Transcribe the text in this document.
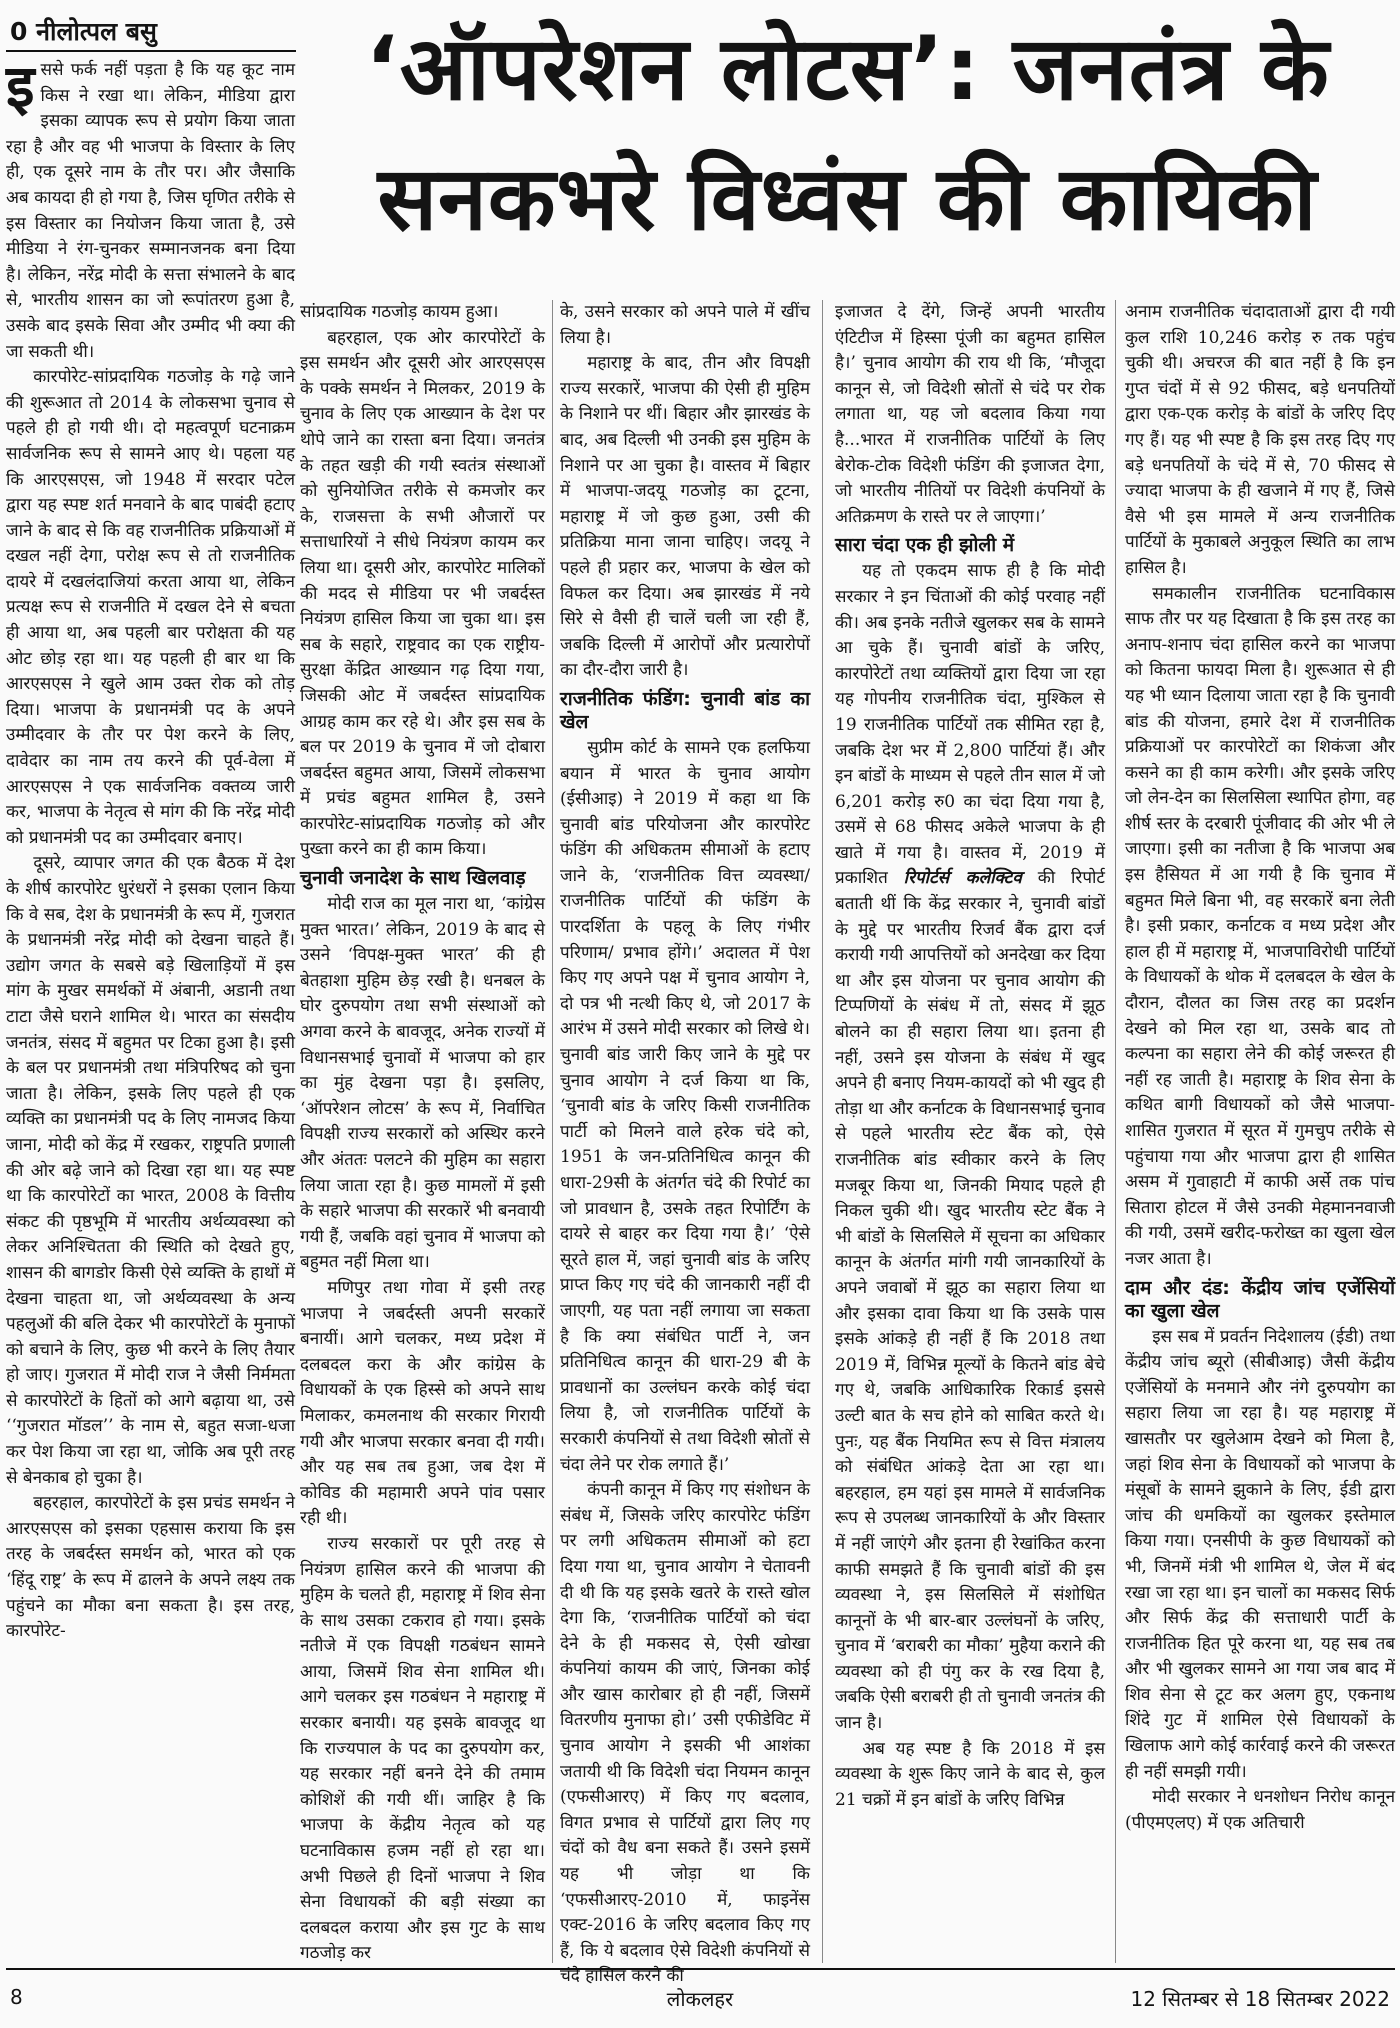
0 नीलोत्पल बसु	‘ऑपरेशन लोटस’: जनतंत्र के सनकभरे विध्वंस की कायिकी

इससे फर्क नहीं पड़ता है कि यह कूट नाम किस ने रखा था। लेकिन, मीडिया द्वारा इसका व्यापक रूप से प्रयोग किया जाता रहा है और वह भी भाजपा के विस्तार के लिए ही, एक दूसरे नाम के तौर पर। और जैसाकि अब कायदा ही हो गया है, जिस घृणित तरीके से इस विस्तार का नियोजन किया जाता है, उसे मीडिया ने रंग-चुनकर सम्मानजनक बना दिया है। लेकिन, नरेंद्र मोदी के सत्ता संभालने के बाद से, भारतीय शासन का जो रूपांतरण हुआ है, उसके बाद इसके सिवा और उम्मीद भी क्या की जा सकती थी।

कारपोरेट-सांप्रदायिक गठजोड़ के गढ़े जाने की शुरूआत तो 2014 के लोकसभा चुनाव से पहले ही हो गयी थी। दो महत्वपूर्ण घटनाक्रम सार्वजनिक रूप से सामने आए थे। पहला यह कि आरएसएस, जो 1948 में सरदार पटेल द्वारा यह स्पष्ट शर्त मनवाने के बाद पाबंदी हटाए जाने के बाद से कि वह राजनीतिक प्रक्रियाओं में दखल नहीं देगा, परोक्ष रूप से तो राजनीतिक दायरे में दखलंदाजियां करता आया था, लेकिन प्रत्यक्ष रूप से राजनीति में दखल देने से बचता ही आया था, अब पहली बार परोक्षता की यह ओट छोड़ रहा था। यह पहली ही बार था कि आरएसएस ने खुले आम उक्त रोक को तोड़ दिया। भाजपा के प्रधानमंत्री पद के अपने उम्मीदवार के तौर पर पेश करने के लिए, दावेदार का नाम तय करने की पूर्व-वेला में आरएसएस ने एक सार्वजनिक वक्तव्य जारी कर, भाजपा के नेतृत्व से मांग की कि नरेंद्र मोदी को प्रधानमंत्री पद का उम्मीदवार बनाए।

दूसरे, व्यापार जगत की एक बैठक में देश के शीर्ष कारपोरेट धुरंधरों ने इसका एलान किया कि वे सब, देश के प्रधानमंत्री के रूप में, गुजरात के प्रधानमंत्री नरेंद्र मोदी को देखना चाहते हैं। उद्योग जगत के सबसे बड़े खिलाड़ियों में इस मांग के मुखर समर्थकों में अंबानी, अडानी तथा टाटा जैसे घराने शामिल थे। भारत का संसदीय जनतंत्र, संसद में बहुमत पर टिका हुआ है। इसी के बल पर प्रधानमंत्री तथा मंत्रिपरिषद को चुना जाता है। लेकिन, इसके लिए पहले ही एक व्यक्ति का प्रधानमंत्री पद के लिए नामजद किया जाना, मोदी को केंद्र में रखकर, राष्ट्रपति प्रणाली की ओर बढ़े जाने को दिखा रहा था। यह स्पष्ट था कि कारपोरेटों का भारत, 2008 के वित्तीय संकट की पृष्ठभूमि में भारतीय अर्थव्यवस्था को लेकर अनिश्चितता की स्थिति को देखते हुए, शासन की बागडोर किसी ऐसे व्यक्ति के हाथों में देखना चाहता था, जो अर्थव्यवस्था के अन्य पहलुओं की बलि देकर भी कारपोरेटों के मुनाफों को बचाने के लिए, कुछ भी करने के लिए तैयार हो जाए। गुजरात में मोदी राज ने जैसी निर्ममता से कारपोरेटों के हितों को आगे बढ़ाया था, उसे ‘‘गुजरात मॉडल’’ के नाम से, बहुत सजा-धजा कर पेश किया जा रहा था, जोकि अब पूरी तरह से बेनकाब हो चुका है।

बहरहाल, कारपोरेटों के इस प्रचंड समर्थन ने आरएसएस को इसका एहसास कराया कि इस तरह के जबर्दस्त समर्थन को, भारत को एक ‘हिंदू राष्ट्र’ के रूप में ढालने के अपने लक्ष्य तक पहुंचने का मौका बना सकता है। इस तरह, कारपोरेट-

सांप्रदायिक गठजोड़ कायम हुआ।

बहरहाल, एक ओर कारपोरेटों के इस समर्थन और दूसरी ओर आरएसएस के पक्के समर्थन ने मिलकर, 2019 के चुनाव के लिए एक आख्यान के देश पर थोपे जाने का रास्ता बना दिया। जनतंत्र के तहत खड़ी की गयी स्वतंत्र संस्थाओं को सुनियोजित तरीके से कमजोर कर के, राजसत्ता के सभी औजारों पर सत्ताधारियों ने सीधे नियंत्रण कायम कर लिया था। दूसरी ओर, कारपोरेट मालिकों की मदद से मीडिया पर भी जबर्दस्त नियंत्रण हासिल किया जा चुका था। इस सब के सहारे, राष्ट्रवाद का एक राष्ट्रीय-सुरक्षा केंद्रित आख्यान गढ़ दिया गया, जिसकी ओट में जबर्दस्त सांप्रदायिक आग्रह काम कर रहे थे। और इस सब के बल पर 2019 के चुनाव में जो दोबारा जबर्दस्त बहुमत आया, जिसमें लोकसभा में प्रचंड बहुमत शामिल है, उसने कारपोरेट-सांप्रदायिक गठजोड़ को और पुख्ता करने का ही काम किया।

चुनावी जनादेश के साथ खिलवाड़

मोदी राज का मूल नारा था, ‘कांग्रेस मुक्त भारत।’ लेकिन, 2019 के बाद से उसने ‘विपक्ष-मुक्त भारत’ की ही बेतहाशा मुहिम छेड़ रखी है। धनबल के घोर दुरुपयोग तथा सभी संस्थाओं को अगवा करने के बावजूद, अनेक राज्यों में विधानसभाई चुनावों में भाजपा को हार का मुंह देखना पड़ा है। इसलिए, ‘ऑपरेशन लोटस’ के रूप में, निर्वाचित विपक्षी राज्य सरकारों को अस्थिर करने और अंततः पलटने की मुहिम का सहारा लिया जाता रहा है। कुछ मामलों में इसी के सहारे भाजपा की सरकारें भी बनवायी गयी हैं, जबकि वहां चुनाव में भाजपा को बहुमत नहीं मिला था।

मणिपुर तथा गोवा में इसी तरह भाजपा ने जबर्दस्ती अपनी सरकारें बनायीं। आगे चलकर, मध्य प्रदेश में दलबदल करा के और कांग्रेस के विधायकों के एक हिस्से को अपने साथ मिलाकर, कमलनाथ की सरकार गिरायी गयी और भाजपा सरकार बनवा दी गयी। और यह सब तब हुआ, जब देश में कोविड की महामारी अपने पांव पसार रही थी।

राज्य सरकारों पर पूरी तरह से नियंत्रण हासिल करने की भाजपा की मुहिम के चलते ही, महाराष्ट्र में शिव सेना के साथ उसका टकराव हो गया। इसके नतीजे में एक विपक्षी गठबंधन सामने आया, जिसमें शिव सेना शामिल थी। आगे चलकर इस गठबंधन ने महाराष्ट्र में सरकार बनायी। यह इसके बावजूद था कि राज्यपाल के पद का दुरुपयोग कर, यह सरकार नहीं बनने देने की तमाम कोशिशें की गयी थीं। जाहिर है कि भाजपा के केंद्रीय नेतृत्व को यह घटनाविकास हजम नहीं हो रहा था। अभी पिछले ही दिनों भाजपा ने शिव सेना विधायकों की बड़ी संख्या का दलबदल कराया और इस गुट के साथ गठजोड़ कर

के, उसने सरकार को अपने पाले में खींच लिया है।

महाराष्ट्र के बाद, तीन और विपक्षी राज्य सरकारें, भाजपा की ऐसी ही मुहिम के निशाने पर थीं। बिहार और झारखंड के बाद, अब दिल्ली भी उनकी इस मुहिम के निशाने पर आ चुका है। वास्तव में बिहार में भाजपा-जदयू गठजोड़ का टूटना, महाराष्ट्र में जो कुछ हुआ, उसी की प्रतिक्रिया माना जाना चाहिए। जदयू ने पहले ही प्रहार कर, भाजपा के खेल को विफल कर दिया। अब झारखंड में नये सिरे से वैसी ही चालें चली जा रही हैं, जबकि दिल्ली में आरोपों और प्रत्यारोपों का दौर-दौरा जारी है।

राजनीतिक फंडिंग: चुनावी बांड का खेल

सुप्रीम कोर्ट के सामने एक हलफिया बयान में भारत के चुनाव आयोग (ईसीआइ) ने 2019 में कहा था कि चुनावी बांड परियोजना और कारपोरेट फंडिंग की अधिकतम सीमाओं के हटाए जाने के, ‘राजनीतिक वित्त व्यवस्था/ राजनीतिक पार्टियों की फंडिंग के पारदर्शिता के पहलू के लिए गंभीर परिणाम/ प्रभाव होंगे।’ अदालत में पेश किए गए अपने पक्ष में चुनाव आयोग ने, दो पत्र भी नत्थी किए थे, जो 2017 के आरंभ में उसने मोदी सरकार को लिखे थे। चुनावी बांड जारी किए जाने के मुद्दे पर चुनाव आयोग ने दर्ज किया था कि, ‘चुनावी बांड के जरिए किसी राजनीतिक पार्टी को मिलने वाले हरेक चंदे को, 1951 के जन-प्रतिनिधित्व कानून की धारा-29सी के अंतर्गत चंदे की रिपोर्ट का जो प्रावधान है, उसके तहत रिपोर्टिंग के दायरे से बाहर कर दिया गया है।’ ‘ऐसे सूरते हाल में, जहां चुनावी बांड के जरिए प्राप्त किए गए चंदे की जानकारी नहीं दी जाएगी, यह पता नहीं लगाया जा सकता है कि क्या संबंधित पार्टी ने, जन प्रतिनिधित्व कानून की धारा-29 बी के प्रावधानों का उल्लंघन करके कोई चंदा लिया है, जो राजनीतिक पार्टियों के सरकारी कंपनियों से तथा विदेशी स्रोतों से चंदा लेने पर रोक लगाते हैं।’

कंपनी कानून में किए गए संशोधन के संबंध में, जिसके जरिए कारपोरेट फंडिंग पर लगी अधिकतम सीमाओं को हटा दिया गया था, चुनाव आयोग ने चेतावनी दी थी कि यह इसके खतरे के रास्ते खोल देगा कि, ‘राजनीतिक पार्टियों को चंदा देने के ही मकसद से, ऐसी खोखा कंपनियां कायम की जाएं, जिनका कोई और खास कारोबार हो ही नहीं, जिसमें वितरणीय मुनाफा हो।’ उसी एफीडेविट में चुनाव आयोग ने इसकी भी आशंका जतायी थी कि विदेशी चंदा नियमन कानून (एफसीआरए) में किए गए बदलाव, विगत प्रभाव से पार्टियों द्वारा लिए गए चंदों को वैध बना सकते हैं। उसने इसमें यह भी जोड़ा था कि ‘एफसीआरए-2010 में, फाइनेंस एक्ट-2016 के जरिए बदलाव किए गए हैं, कि ये बदलाव ऐसे विदेशी कंपनियों से चंदे हासिल करने की

इजाजत दे देंगे, जिन्हें अपनी भारतीय एंटिटीज में हिस्सा पूंजी का बहुमत हासिल है।’ चुनाव आयोग की राय थी कि, ‘मौजूदा कानून से, जो विदेशी स्रोतों से चंदे पर रोक लगाता था, यह जो बदलाव किया गया है...भारत में राजनीतिक पार्टियों के लिए बेरोक-टोक विदेशी फंडिंग की इजाजत देगा, जो भारतीय नीतियों पर विदेशी कंपनियों के अतिक्रमण के रास्ते पर ले जाएगा।’

सारा चंदा एक ही झोली में

यह तो एकदम साफ ही है कि मोदी सरकार ने इन चिंताओं की कोई परवाह नहीं की। अब इनके नतीजे खुलकर सब के सामने आ चुके हैं। चुनावी बांडों के जरिए, कारपोरेटों तथा व्यक्तियों द्वारा दिया जा रहा यह गोपनीय राजनीतिक चंदा, मुश्किल से 19 राजनीतिक पार्टियों तक सीमित रहा है, जबकि देश भर में 2,800 पार्टियां हैं। और इन बांडों के माध्यम से पहले तीन साल में जो 6,201 करोड़ रु0 का चंदा दिया गया है, उसमें से 68 फीसद अकेले भाजपा के ही खाते में गया है। वास्तव में, 2019 में प्रकाशित रिपोर्टर्स कलेक्टिव की रिपोर्ट बताती थीं कि केंद्र सरकार ने, चुनावी बांडों के मुद्दे पर भारतीय रिजर्व बैंक द्वारा दर्ज करायी गयी आपत्तियों को अनदेखा कर दिया था और इस योजना पर चुनाव आयोग की टिप्पणियों के संबंध में तो, संसद में झूठ बोलने का ही सहारा लिया था। इतना ही नहीं, उसने इस योजना के संबंध में खुद अपने ही बनाए नियम-कायदों को भी खुद ही तोड़ा था और कर्नाटक के विधानसभाई चुनाव से पहले भारतीय स्टेट बैंक को, ऐसे राजनीतिक बांड स्वीकार करने के लिए मजबूर किया था, जिनकी मियाद पहले ही निकल चुकी थी। खुद भारतीय स्टेट बैंक ने भी बांडों के सिलसिले में सूचना का अधिकार कानून के अंतर्गत मांगी गयी जानकारियों के अपने जवाबों में झूठ का सहारा लिया था और इसका दावा किया था कि उसके पास इसके आंकड़े ही नहीं हैं कि 2018 तथा 2019 में, विभिन्न मूल्यों के कितने बांड बेचे गए थे, जबकि आधिकारिक रिकार्ड इससे उल्टी बात के सच होने को साबित करते थे। पुनः, यह बैंक नियमित रूप से वित्त मंत्रालय को संबंधित आंकड़े देता आ रहा था। बहरहाल, हम यहां इस मामले में सार्वजनिक रूप से उपलब्ध जानकारियों के और विस्तार में नहीं जाएंगे और इतना ही रेखांकित करना काफी समझते हैं कि चुनावी बांडों की इस व्यवस्था ने, इस सिलसिले में संशोधित कानूनों के भी बार-बार उल्लंघनों के जरिए, चुनाव में ‘बराबरी का मौका’ मुहैया कराने की व्यवस्था को ही पंगु कर के रख दिया है, जबकि ऐसी बराबरी ही तो चुनावी जनतंत्र की जान है।

अब यह स्पष्ट है कि 2018 में इस व्यवस्था के शुरू किए जाने के बाद से, कुल 21 चक्रों में इन बांडों के जरिए विभिन्न

अनाम राजनीतिक चंदादाताओं द्वारा दी गयी कुल राशि 10,246 करोड़ रु तक पहुंच चुकी थी। अचरज की बात नहीं है कि इन गुप्त चंदों में से 92 फीसद, बड़े धनपतियों द्वारा एक-एक करोड़ के बांडों के जरिए दिए गए हैं। यह भी स्पष्ट है कि इस तरह दिए गए बड़े धनपतियों के चंदे में से, 70 फीसद से ज्यादा भाजपा के ही खजाने में गए हैं, जिसे वैसे भी इस मामले में अन्य राजनीतिक पार्टियों के मुकाबले अनुकूल स्थिति का लाभ हासिल है।

समकालीन राजनीतिक घटनाविकास साफ तौर पर यह दिखाता है कि इस तरह का अनाप-शनाप चंदा हासिल करने का भाजपा को कितना फायदा मिला है। शुरूआत से ही यह भी ध्यान दिलाया जाता रहा है कि चुनावी बांड की योजना, हमारे देश में राजनीतिक प्रक्रियाओं पर कारपोरेटों का शिकंजा और कसने का ही काम करेगी। और इसके जरिए जो लेन-देन का सिलसिला स्थापित होगा, वह शीर्ष स्तर के दरबारी पूंजीवाद की ओर भी ले जाएगा। इसी का नतीजा है कि भाजपा अब इस हैसियत में आ गयी है कि चुनाव में बहुमत मिले बिना भी, वह सरकारें बना लेती है। इसी प्रकार, कर्नाटक व मध्य प्रदेश और हाल ही में महाराष्ट्र में, भाजपाविरोधी पार्टियों के विधायकों के थोक में दलबदल के खेल के दौरान, दौलत का जिस तरह का प्रदर्शन देखने को मिल रहा था, उसके बाद तो कल्पना का सहारा लेने की कोई जरूरत ही नहीं रह जाती है। महाराष्ट्र के शिव सेना के कथित बागी विधायकों को जैसे भाजपा-शासित गुजरात में सूरत में गुमचुप तरीके से पहुंचाया गया और भाजपा द्वारा ही शासित असम में गुवाहाटी में काफी अर्से तक पांच सितारा होटल में जैसे उनकी मेहमाननवाजी की गयी, उसमें खरीद-फरोख्त का खुला खेल नजर आता है।

दाम और दंड: केंद्रीय जांच एजेंसियों का खुला खेल

इस सब में प्रवर्तन निदेशालय (ईडी) तथा केंद्रीय जांच ब्यूरो (सीबीआइ) जैसी केंद्रीय एजेंसियों के मनमाने और नंगे दुरुपयोग का सहारा लिया जा रहा है। यह महाराष्ट्र में खासतौर पर खुलेआम देखने को मिला है, जहां शिव सेना के विधायकों को भाजपा के मंसूबों के सामने झुकाने के लिए, ईडी द्वारा जांच की धमकियों का खुलकर इस्तेमाल किया गया। एनसीपी के कुछ विधायकों को भी, जिनमें मंत्री भी शामिल थे, जेल में बंद रखा जा रहा था। इन चालों का मकसद सिर्फ और सिर्फ केंद्र की सत्ताधारी पार्टी के राजनीतिक हित पूरे करना था, यह सब तब और भी खुलकर सामने आ गया जब बाद में शिव सेना से टूट कर अलग हुए, एकनाथ शिंदे गुट में शामिल ऐसे विधायकों के खिलाफ आगे कोई कार्रवाई करने की जरूरत ही नहीं समझी गयी।

मोदी सरकार ने धनशोधन निरोध कानून (पीएमएलए) में एक अतिचारी

8	लोकलहर	12 सितम्बर से 18 सितम्बर 2022
